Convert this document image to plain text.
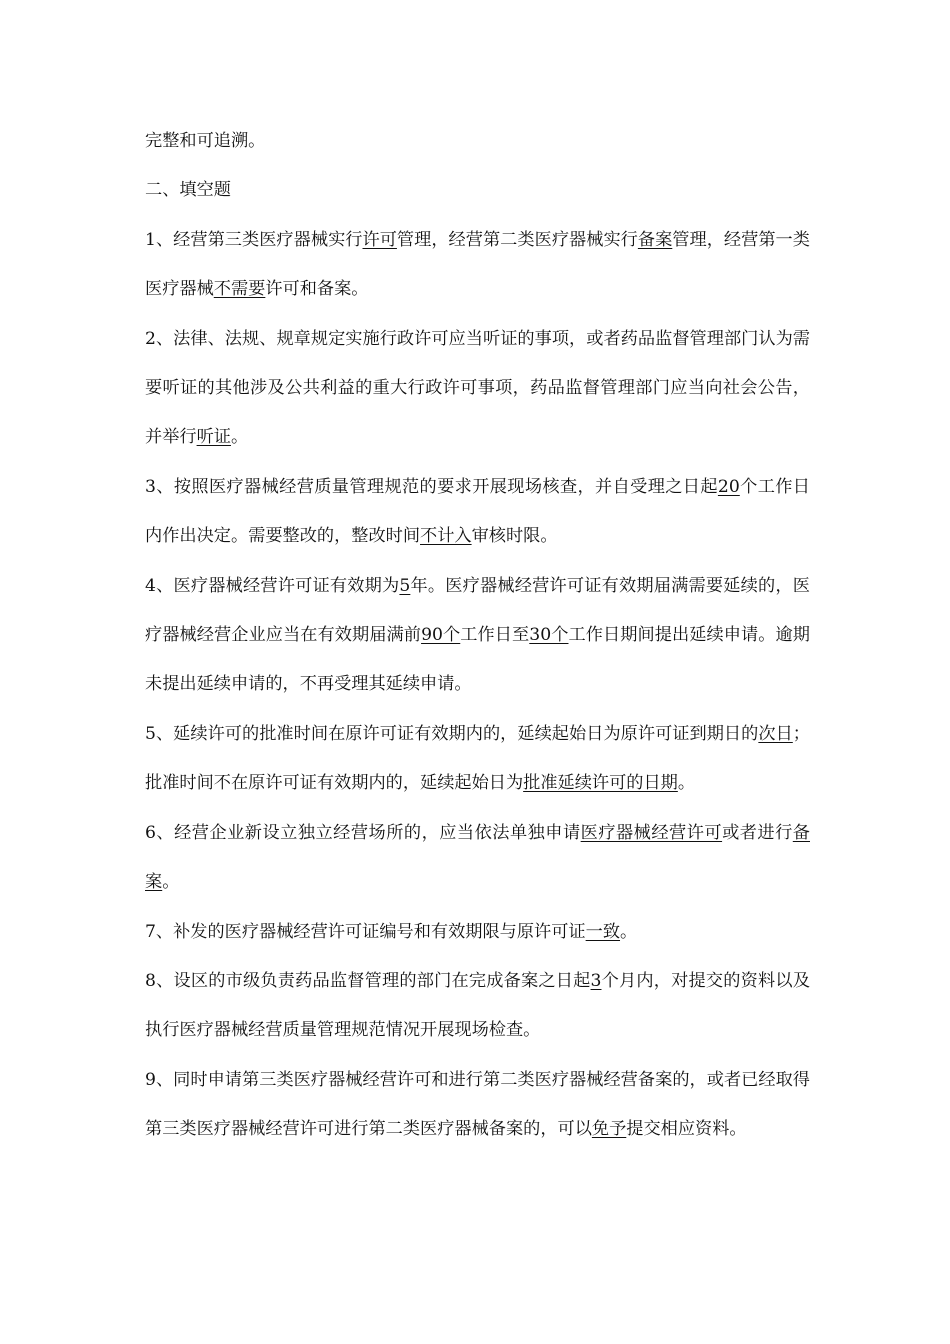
完整和可追溯。

二、填空题

1、经营第三类医疗器械实行许可管理，经营第二类医疗器械实行备案管理，经营第一类医疗器械不需要许可和备案。

2、法律、法规、规章规定实施行政许可应当听证的事项，或者药品监督管理部门认为需要听证的其他涉及公共利益的重大行政许可事项，药品监督管理部门应当向社会公告，并举行听证。

3、按照医疗器械经营质量管理规范的要求开展现场核查，并自受理之日起20个工作日内作出决定。需要整改的，整改时间不计入审核时限。

4、医疗器械经营许可证有效期为5年。医疗器械经营许可证有效期届满需要延续的，医疗器械经营企业应当在有效期届满前90个工作日至30个工作日期间提出延续申请。逾期未提出延续申请的，不再受理其延续申请。

5、延续许可的批准时间在原许可证有效期内的，延续起始日为原许可证到期日的次日；批准时间不在原许可证有效期内的，延续起始日为批准延续许可的日期。

6、经营企业新设立独立经营场所的，应当依法单独申请医疗器械经营许可或者进行备案。

7、补发的医疗器械经营许可证编号和有效期限与原许可证一致。

8、设区的市级负责药品监督管理的部门在完成备案之日起3个月内，对提交的资料以及执行医疗器械经营质量管理规范情况开展现场检查。

9、同时申请第三类医疗器械经营许可和进行第二类医疗器械经营备案的，或者已经取得第三类医疗器械经营许可进行第二类医疗器械备案的，可以免予提交相应资料。
